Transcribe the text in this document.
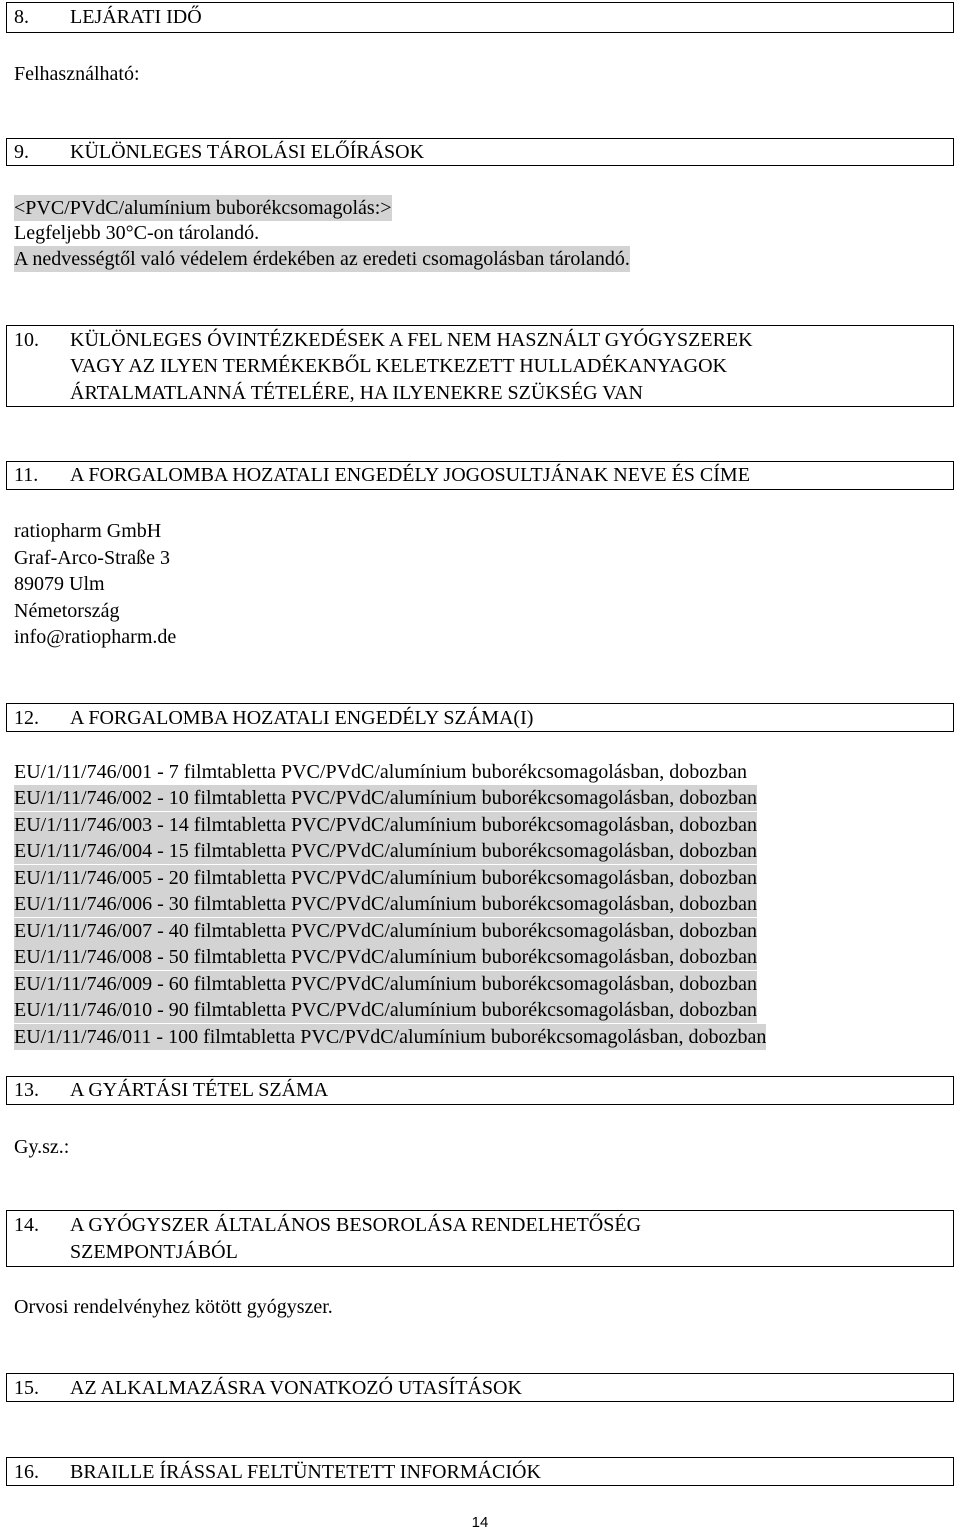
8. LEJÁRATI IDŐ
Felhasználható:
9. KÜLÖNLEGES TÁROLÁSI ELŐÍRÁSOK
<PVC/PVdC/alumínium buborékcsomagolás:>
Legfeljebb 30°C-on tárolandó.
A nedvességtől való védelem érdekében az eredeti csomagolásban tárolandó.
10. KÜLÖNLEGES ÓVINTÉZKEDÉSEK A FEL NEM HASZNÁLT GYÓGYSZEREK
VAGY AZ ILYEN TERMÉKEKBŐL KELETKEZETT HULLADÉKANYAGOK
ÁRTALMATLANNÁ TÉTELÉRE, HA ILYENEKRE SZÜKSÉG VAN
11. A FORGALOMBA HOZATALI ENGEDÉLY JOGOSULTJÁNAK NEVE ÉS CÍME
ratiopharm GmbH
Graf-Arco-Straße 3
89079 Ulm
Németország
info@ratiopharm.de
12. A FORGALOMBA HOZATALI ENGEDÉLY SZÁMA(I)
EU/1/11/746/001 - 7 filmtabletta PVC/PVdC/alumínium buborékcsomagolásban, dobozban
EU/1/11/746/002 - 10 filmtabletta PVC/PVdC/alumínium buborékcsomagolásban, dobozban
EU/1/11/746/003 - 14 filmtabletta PVC/PVdC/alumínium buborékcsomagolásban, dobozban
EU/1/11/746/004 - 15 filmtabletta PVC/PVdC/alumínium buborékcsomagolásban, dobozban
EU/1/11/746/005 - 20 filmtabletta PVC/PVdC/alumínium buborékcsomagolásban, dobozban
EU/1/11/746/006 - 30 filmtabletta PVC/PVdC/alumínium buborékcsomagolásban, dobozban
EU/1/11/746/007 - 40 filmtabletta PVC/PVdC/alumínium buborékcsomagolásban, dobozban
EU/1/11/746/008 - 50 filmtabletta PVC/PVdC/alumínium buborékcsomagolásban, dobozban
EU/1/11/746/009 - 60 filmtabletta PVC/PVdC/alumínium buborékcsomagolásban, dobozban
EU/1/11/746/010 - 90 filmtabletta PVC/PVdC/alumínium buborékcsomagolásban, dobozban
EU/1/11/746/011 - 100 filmtabletta PVC/PVdC/alumínium buborékcsomagolásban, dobozban
13. A GYÁRTÁSI TÉTEL SZÁMA
Gy.sz.:
14. A GYÓGYSZER ÁLTALÁNOS BESOROLÁSA RENDELHETŐSÉG
SZEMPONTJÁBÓL
Orvosi rendelvényhez kötött gyógyszer.
15. AZ ALKALMAZÁSRA VONATKOZÓ UTASÍTÁSOK
16. BRAILLE ÍRÁSSAL FELTÜNTETETT INFORMÁCIÓK
14
